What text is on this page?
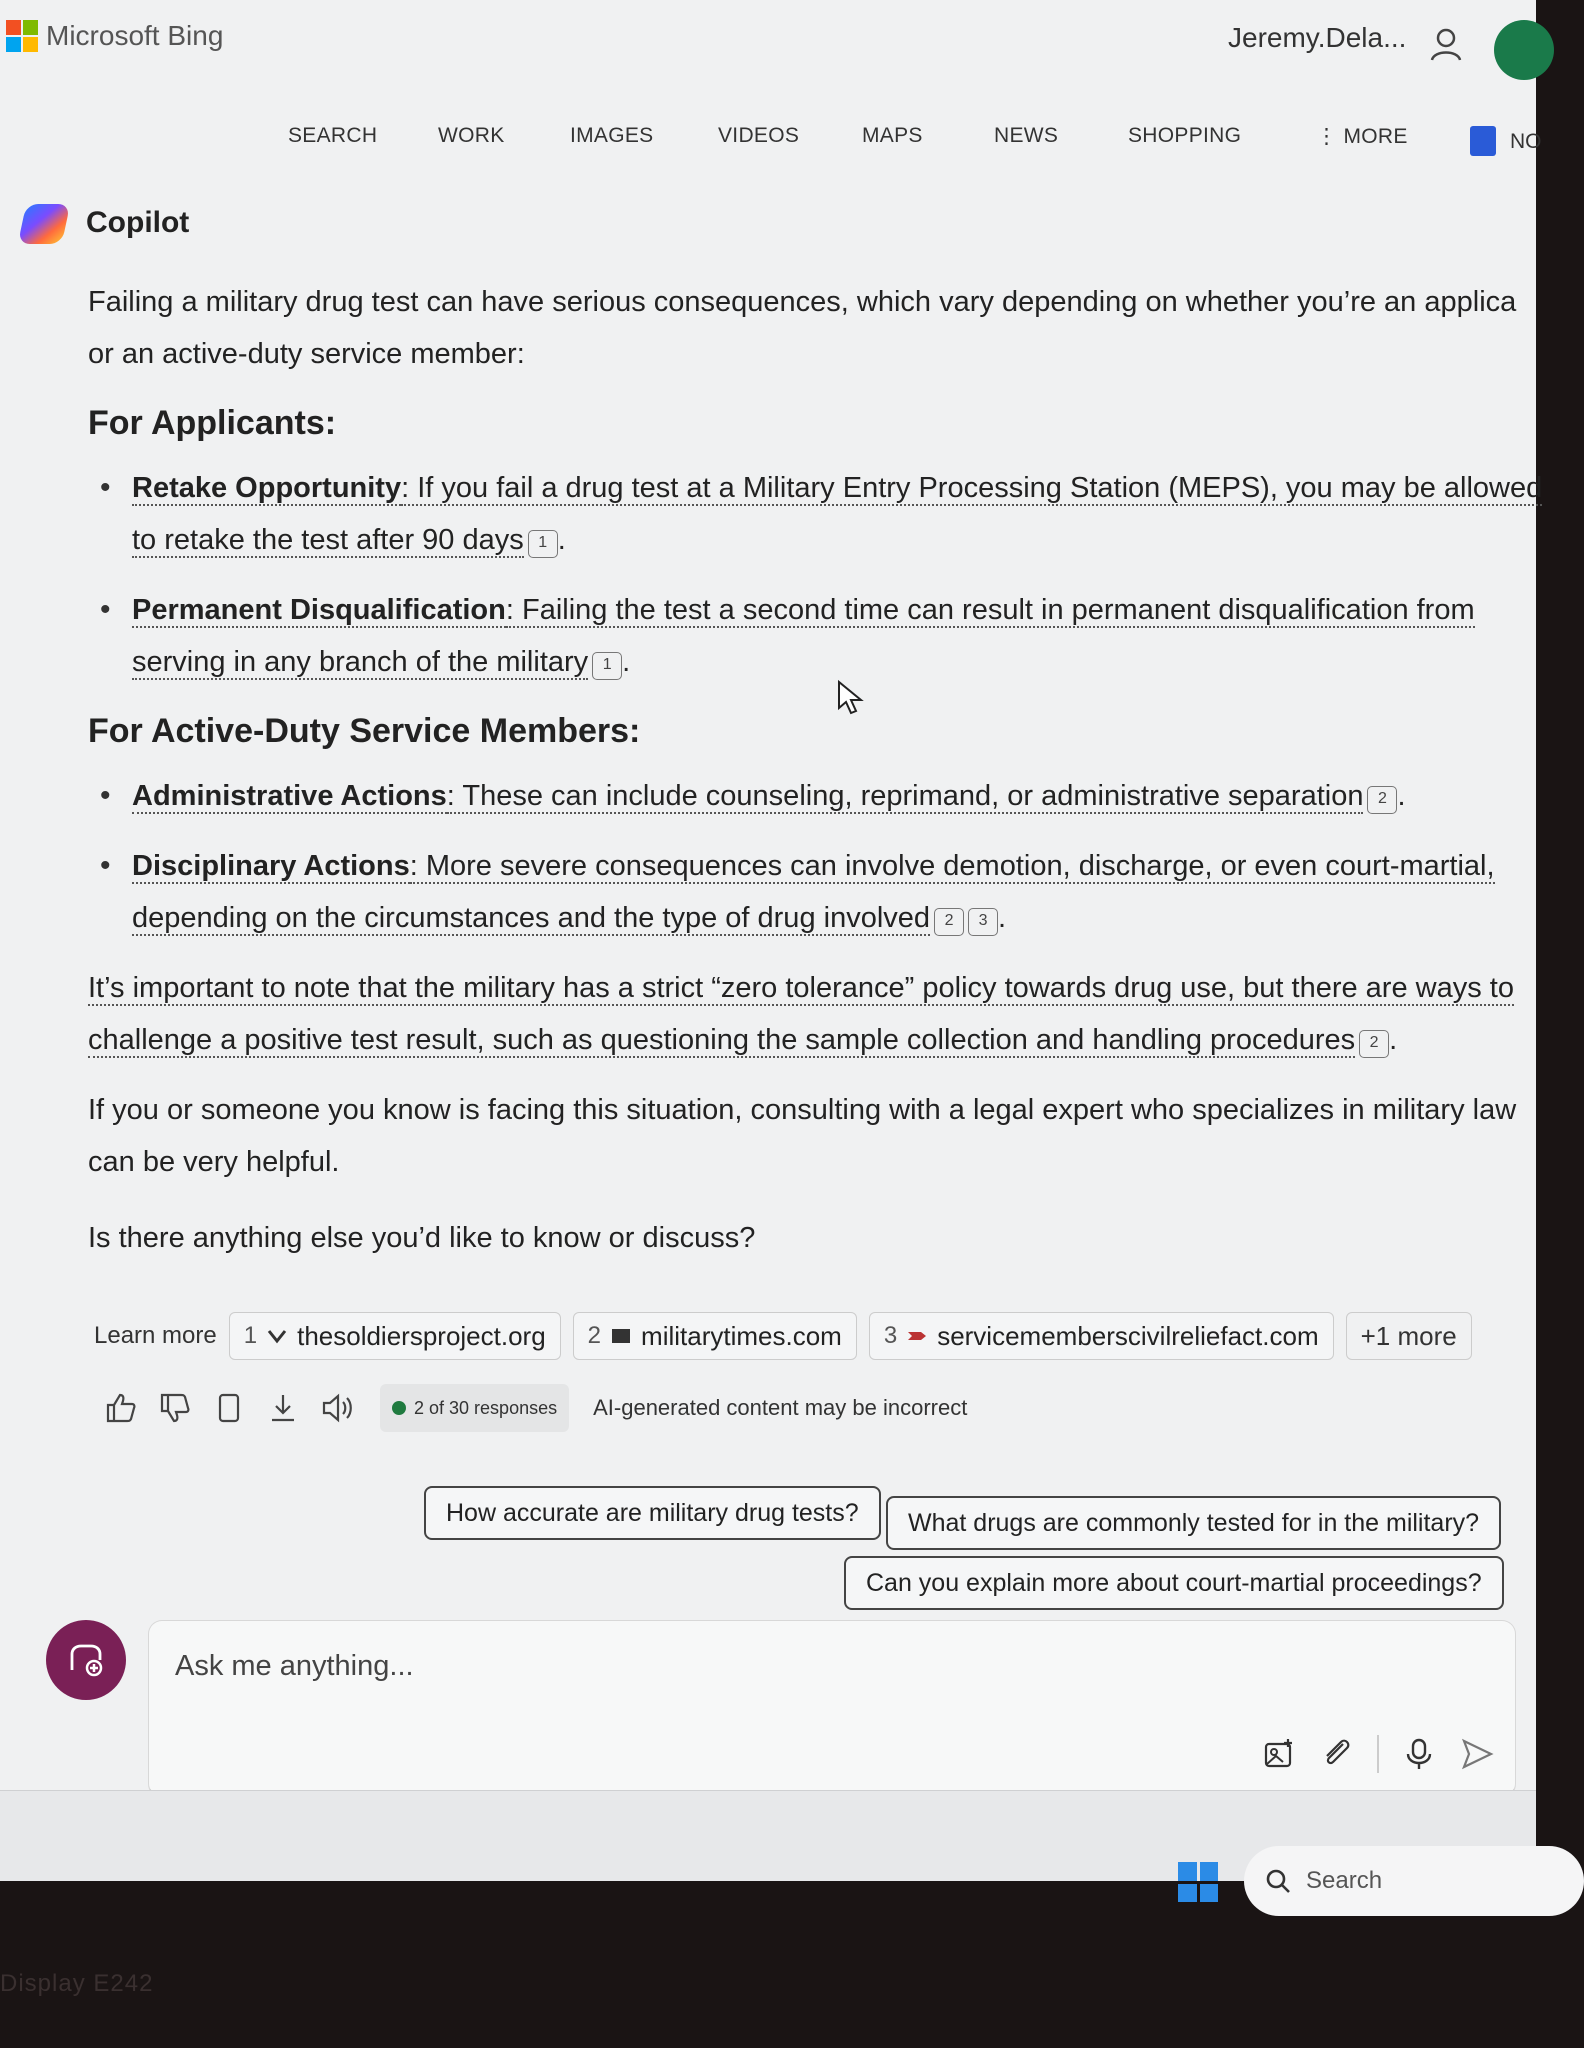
Microsoft Bing	Jeremy.Dela...
SEARCH	WORK	IMAGES	VIDEOS	MAPS	NEWS	SHOPPING	⋮ MORE	NO
Copilot

Failing a military drug test can have serious consequences, which vary depending on whether you’re an applica or an active-duty service member:

For Applicants:
• Retake Opportunity: If you fail a drug test at a Military Entry Processing Station (MEPS), you may be allowed to retake the test after 90 days 1 .
• Permanent Disqualification: Failing the test a second time can result in permanent disqualification from serving in any branch of the military 1 .
For Active-Duty Service Members:
• Administrative Actions: These can include counseling, reprimand, or administrative separation 2 .
• Disciplinary Actions: More severe consequences can involve demotion, discharge, or even court-martial, depending on the circumstances and the type of drug involved 2 3 .

It’s important to note that the military has a strict “zero tolerance” policy towards drug use, but there are ways to challenge a positive test result, such as questioning the sample collection and handling procedures 2 .

If you or someone you know is facing this situation, consulting with a legal expert who specializes in military law can be very helpful.

Is there anything else you’d like to know or discuss?

Learn more 1 thesoldiersproject.org 2 militarytimes.com 3 servicememberscivilreliefact.com	+1 more
2 of 30 responses AI-generated content may be incorrect
How accurate are military drug tests?	What drugs are commonly tested for in the military?
Can you explain more about court-martial proceedings?
Ask me anything...
Search
Display E242
